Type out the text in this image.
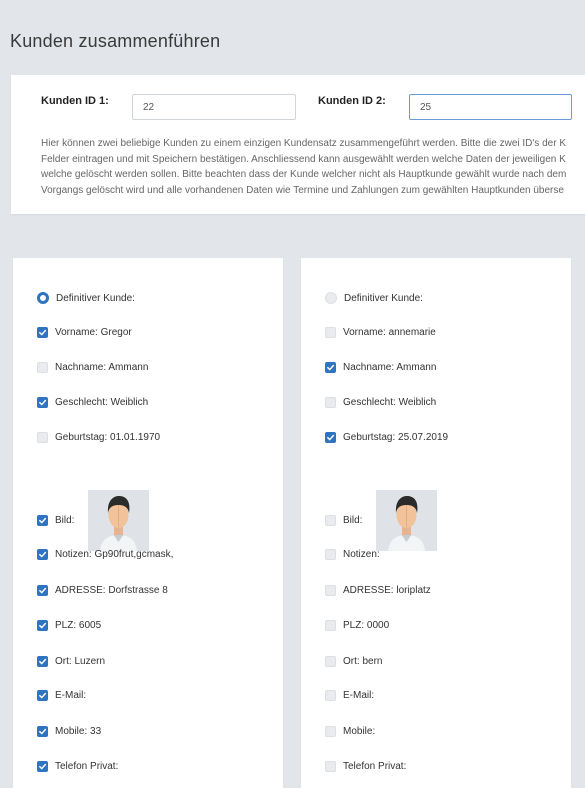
Kunden zusammenführen
Kunden ID 1:
22	Kunden ID 2:
25
Hier können zwei beliebige Kunden zu einem einzigen Kundensatz zusammengeführt werden. Bitte die zwei ID's der K
Felder eintragen und mit Speichern bestätigen. Anschliessend kann ausgewählt werden welche Daten der jeweiligen K
welche gelöscht werden sollen. Bitte beachten dass der Kunde welcher nicht als Hauptkunde gewählt wurde nach dem
Vorgangs gelöscht wird und alle vorhandenen Daten wie Termine und Zahlungen zum gewählten Hauptkunden überse
Definitiver Kunde:
Vorname: Gregor
Nachname: Ammann
Geschlecht: Weiblich
Geburtstag: 01.01.1970
Bild:
Notizen: Gp90frut,gcmask,
ADRESSE: Dorfstrasse 8
PLZ: 6005
Ort: Luzern
E-Mail:
Mobile: 33
Telefon Privat:
Definitiver Kunde:
Vorname: annemarie
Nachname: Ammann
Geschlecht: Weiblich
Geburtstag: 25.07.2019
Bild:
Notizen:
ADRESSE: loriplatz
PLZ: 0000
Ort: bern
E-Mail:
Mobile:
Telefon Privat:
